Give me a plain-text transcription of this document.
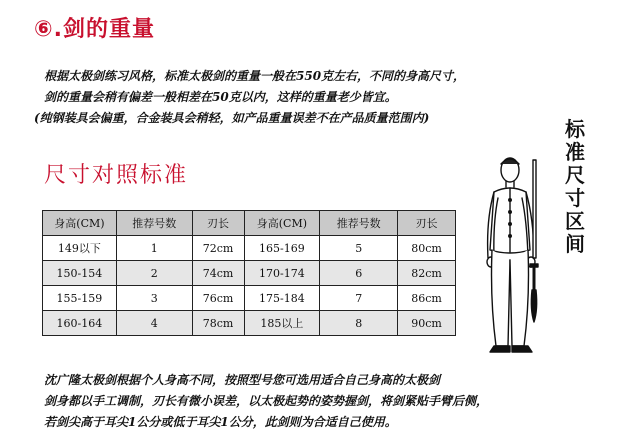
⑥.剑的重量

根据太极剑练习风格，标准太极剑的重量一般在550克左右，不同的身高尺寸，

剑的重量会稍有偏差一般相差在50克以内，这样的重量老少皆宜。

(纯钢装具会偏重，合金装具会稍轻，如产品重量误差不在产品质量范围内)

尺寸对照标准
标
准
尺
寸
区
间
身高(CM)	推荐号数	刃长	身高(CM)	推荐号数	刃长
149以下	1	72cm	165-169	5	80cm
150-154	2	74cm	170-174	6	82cm
155-159	3	76cm	175-184	7	86cm
160-164	4	78cm	185以上	8	90cm

沈广隆太极剑根据个人身高不同，按照型号您可选用适合自己身高的太极剑

剑身都以手工调制，刃长有微小误差，以太极起势的姿势握剑，将剑紧贴手臂后侧，

若剑尖高于耳尖1公分或低于耳尖1公分，此剑则为合适自己使用。
